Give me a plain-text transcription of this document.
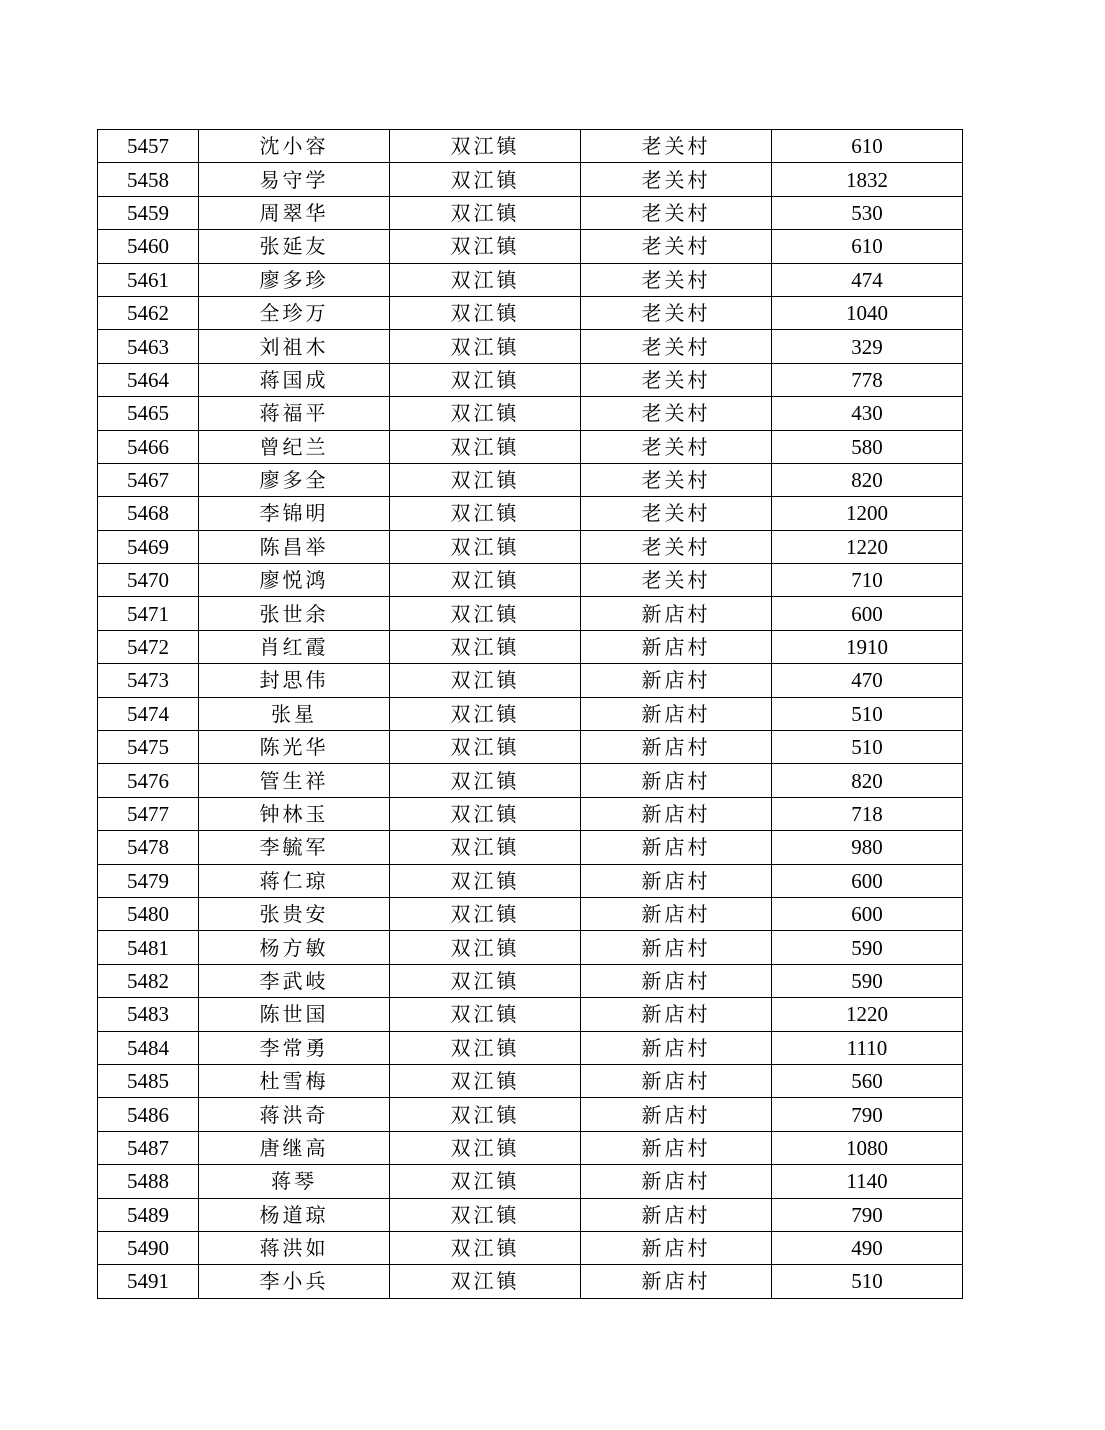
5457	沈小容	双江镇	老关村	610
5458	易守学	双江镇	老关村	1832
5459	周翠华	双江镇	老关村	530
5460	张延友	双江镇	老关村	610
5461	廖多珍	双江镇	老关村	474
5462	全珍万	双江镇	老关村	1040
5463	刘祖木	双江镇	老关村	329
5464	蒋国成	双江镇	老关村	778
5465	蒋福平	双江镇	老关村	430
5466	曾纪兰	双江镇	老关村	580
5467	廖多全	双江镇	老关村	820
5468	李锦明	双江镇	老关村	1200
5469	陈昌举	双江镇	老关村	1220
5470	廖悦鸿	双江镇	老关村	710
5471	张世余	双江镇	新店村	600
5472	肖红霞	双江镇	新店村	1910
5473	封思伟	双江镇	新店村	470
5474	张星	双江镇	新店村	510
5475	陈光华	双江镇	新店村	510
5476	管生祥	双江镇	新店村	820
5477	钟林玉	双江镇	新店村	718
5478	李毓军	双江镇	新店村	980
5479	蒋仁琼	双江镇	新店村	600
5480	张贵安	双江镇	新店村	600
5481	杨方敏	双江镇	新店村	590
5482	李武岐	双江镇	新店村	590
5483	陈世国	双江镇	新店村	1220
5484	李常勇	双江镇	新店村	1110
5485	杜雪梅	双江镇	新店村	560
5486	蒋洪奇	双江镇	新店村	790
5487	唐继高	双江镇	新店村	1080
5488	蒋琴	双江镇	新店村	1140
5489	杨道琼	双江镇	新店村	790
5490	蒋洪如	双江镇	新店村	490
5491	李小兵	双江镇	新店村	510
